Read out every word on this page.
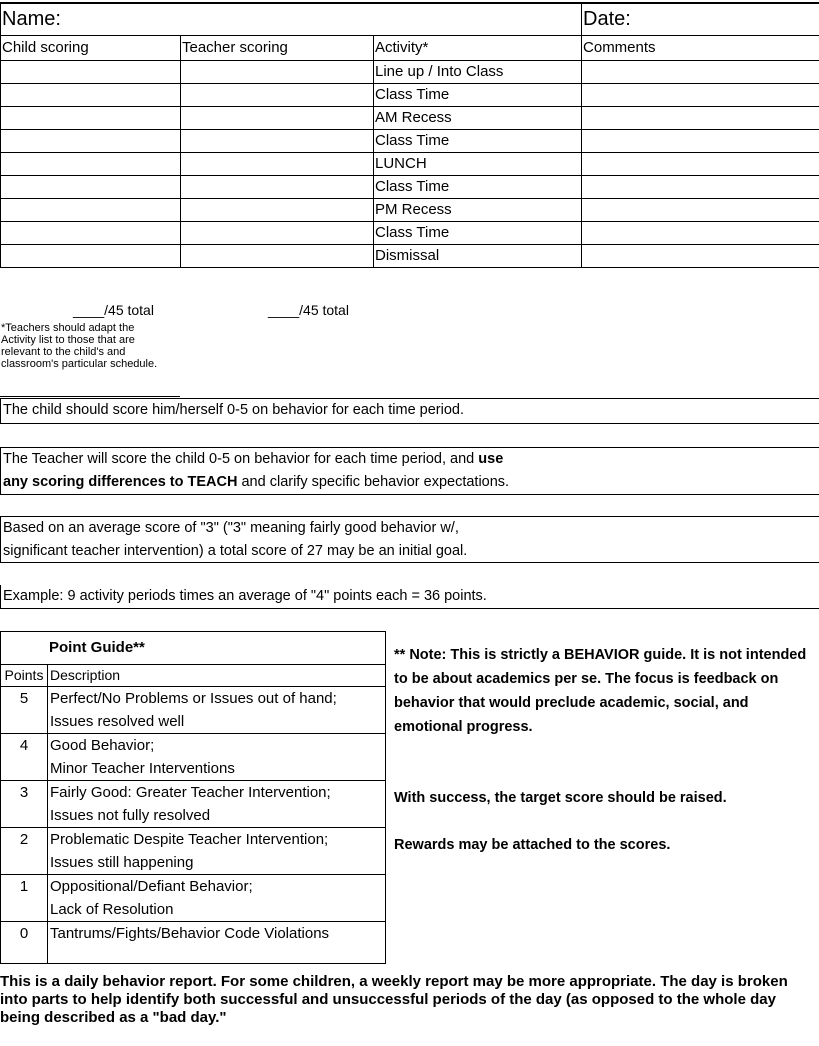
Name:			Date:
Child scoring	Teacher scoring	Activity*	Comments
		Line up / Into Class	
		Class Time	
		AM Recess	
		Class Time	
		LUNCH	
		Class Time	
		PM Recess	
		Class Time	
		Dismissal	
____/45 total	____/45 total
*Teachers should adapt the Activity list to those that are relevant to the child's and classroom's particular schedule.
The child should score him/herself 0-5 on behavior for each time period.
The Teacher will score the child 0-5 on behavior for each time period, and use
any scoring differences to TEACH and clarify specific behavior expectations.
Based on an average score of "3" ("3" meaning fairly good behavior w/,
significant teacher intervention) a total score of 27 may be an initial goal.
Example: 9 activity periods times an average of "4" points each = 36 points.
Point Guide**	
Points	Description
5	Perfect/No Problems or Issues out of hand;
Issues resolved well
4	Good Behavior;
Minor Teacher Interventions
3	Fairly Good: Greater Teacher Intervention;
Issues not fully resolved
2	Problematic Despite Teacher Intervention;
Issues still happening
1	Oppositional/Defiant Behavior;
Lack of Resolution
0	Tantrums/Fights/Behavior Code Violations
** Note: This is strictly a BEHAVIOR guide. It is not intended to be about academics per se. The focus is feedback on behavior that would preclude academic, social, and emotional progress.
With success, the target score should be raised.
Rewards may be attached to the scores.
This is a daily behavior report. For some children, a weekly report may be more appropriate. The day is broken into parts to help identify both successful and unsuccessful periods of the day (as opposed to the whole day being described as a "bad day."
